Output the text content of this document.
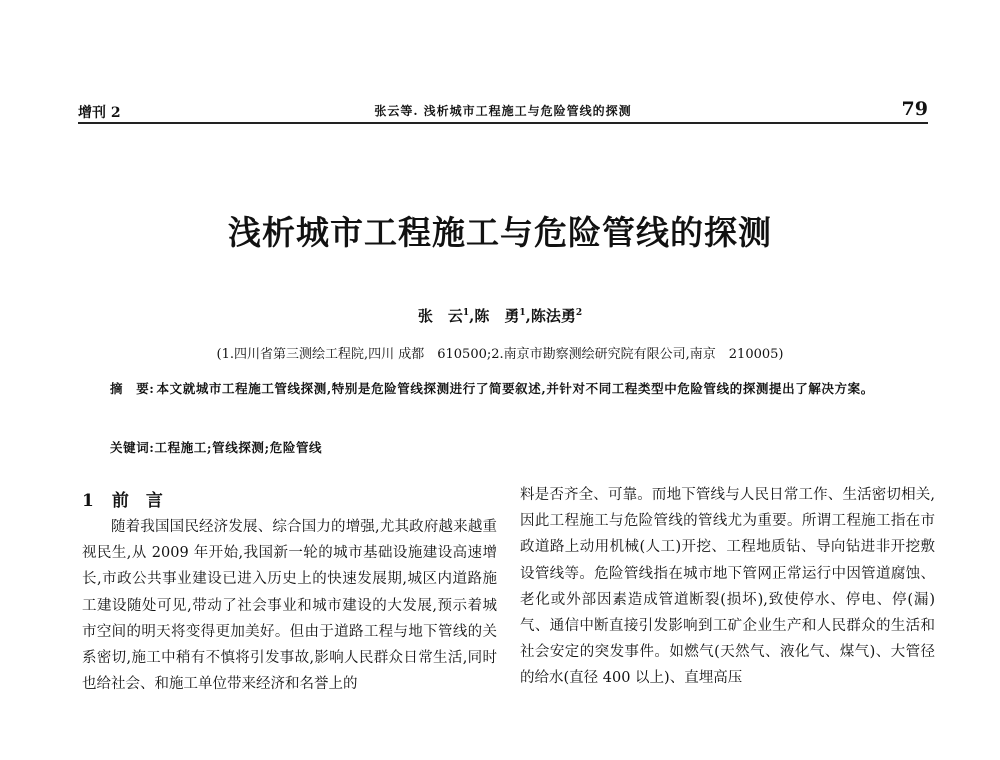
增刊 2	张云等. 浅析城市工程施工与危险管线的探测	79
浅析城市工程施工与危险管线的探测
张　云$^1$,陈　勇$^1$,陈法勇$^2$
(1.四川省第三测绘工程院,四川 成都　610500;2.南京市勘察测绘研究院有限公司,南京　210005)
摘　要: 本文就城市工程施工管线探测,特别是危险管线探测进行了简要叙述,并针对不同工程类型中危险管线的探测提出了解决方案。
关键词:工程施工;管线探测;危险管线
1 前　言
随着我国国民经济发展、综合国力的增强,尤其政府越来越重视民生,从 2009 年开始,我国新一轮的城市基础设施建设高速增长,市政公共事业建设已进入历史上的快速发展期,城区内道路施工建设随处可见,带动了社会事业和城市建设的大发展,预示着城市空间的明天将变得更加美好。但由于道路工程与地下管线的关系密切,施工中稍有不慎将引发事故,影响人民群众日常生活,同时也给社会、和施工单位带来经济和名誉上的
料是否齐全、可靠。而地下管线与人民日常工作、生活密切相关,因此工程施工与危险管线的管线尤为重要。所谓工程施工指在市政道路上动用机械(人工)开挖、工程地质钻、导向钻进非开挖敷设管线等。危险管线指在城市地下管网正常运行中因管道腐蚀、老化或外部因素造成管道断裂(损坏),致使停水、停电、停(漏)气、通信中断直接引发影响到工矿企业生产和人民群众的生活和社会安定的突发事件。如燃气(天然气、液化气、煤气)、大管径的给水(直径 400 以上)、直埋高压
